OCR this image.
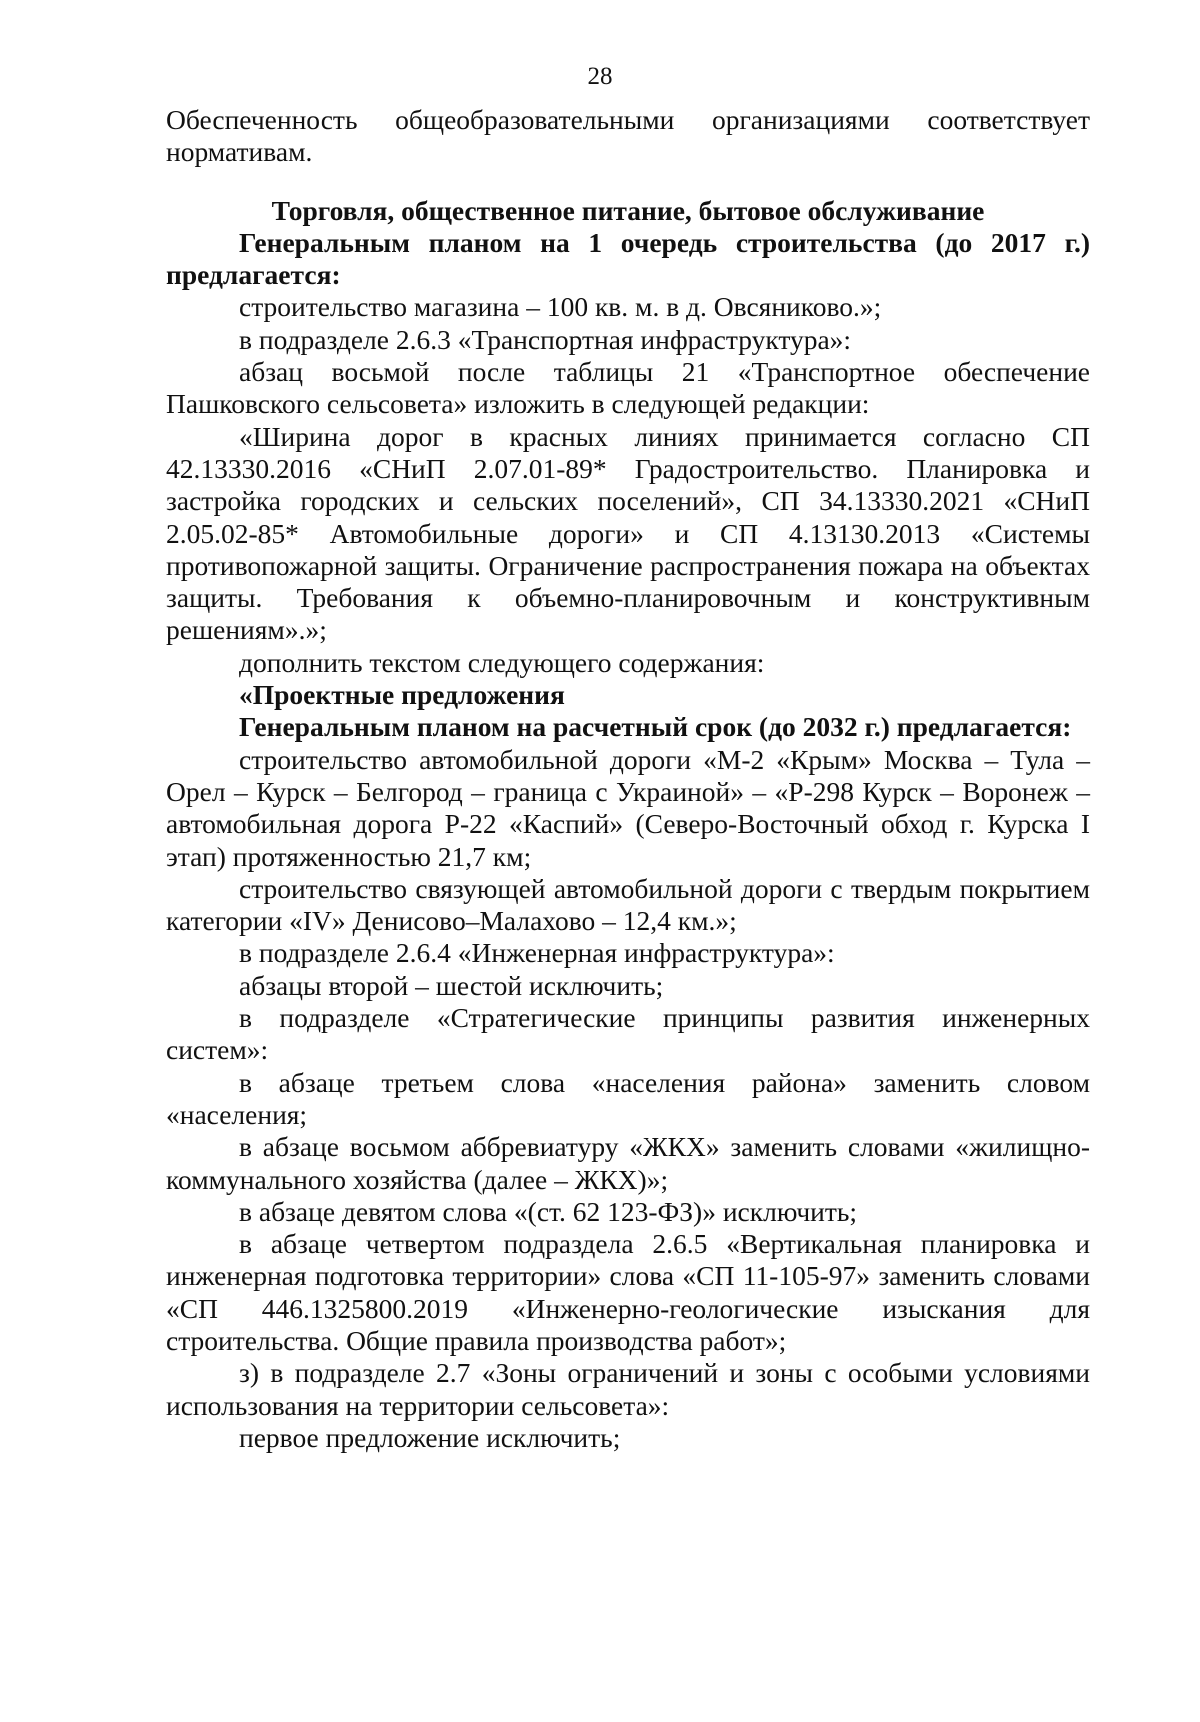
28

Обеспеченность общеобразовательными организациями соответствует нормативам.

Торговля, общественное питание, бытовое обслуживание

Генеральным планом на 1 очередь строительства (до 2017 г.) предлагается:

строительство магазина – 100 кв. м. в д. Овсяниково.»;

в подразделе 2.6.3 «Транспортная инфраструктура»:

абзац восьмой после таблицы 21 «Транспортное обеспечение Пашковского сельсовета» изложить в следующей редакции:

«Ширина дорог в красных линиях принимается согласно СП 42.13330.2016 «СНиП 2.07.01-89* Градостроительство. Планировка и застройка городских и сельских поселений», СП 34.13330.2021 «СНиП 2.05.02-85* Автомобильные дороги» и СП 4.13130.2013 «Системы противопожарной защиты. Ограничение распространения пожара на объектах защиты. Требования к объемно-планировочным и конструктивным решениям».»;

дополнить текстом следующего содержания:

«Проектные предложения

Генеральным планом на расчетный срок (до 2032 г.) предлагается:

строительство автомобильной дороги «М-2 «Крым» Москва – Тула – Орел – Курск – Белгород – граница с Украиной» – «Р-298 Курск – Воронеж – автомобильная дорога Р-22 «Каспий» (Северо-Восточный обход г. Курска I этап) протяженностью 21,7 км;

строительство связующей автомобильной дороги с твердым покрытием категории «IV» Денисово–Малахово – 12,4 км.»;

в подразделе 2.6.4 «Инженерная инфраструктура»:

абзацы второй – шестой исключить;

в подразделе «Стратегические принципы развития инженерных систем»:

в абзаце третьем слова «населения района» заменить словом «населения;

в абзаце восьмом аббревиатуру «ЖКХ» заменить словами «жилищно-коммунального хозяйства (далее – ЖКХ)»;

в абзаце девятом слова «(ст. 62 123-ФЗ)» исключить;

в абзаце четвертом подраздела 2.6.5 «Вертикальная планировка и инженерная подготовка территории» слова «СП 11-105-97» заменить словами «СП 446.1325800.2019 «Инженерно-геологические изыскания для строительства. Общие правила производства работ»;

з) в подразделе 2.7 «Зоны ограничений и зоны с особыми условиями использования на территории сельсовета»:

первое предложение исключить;
